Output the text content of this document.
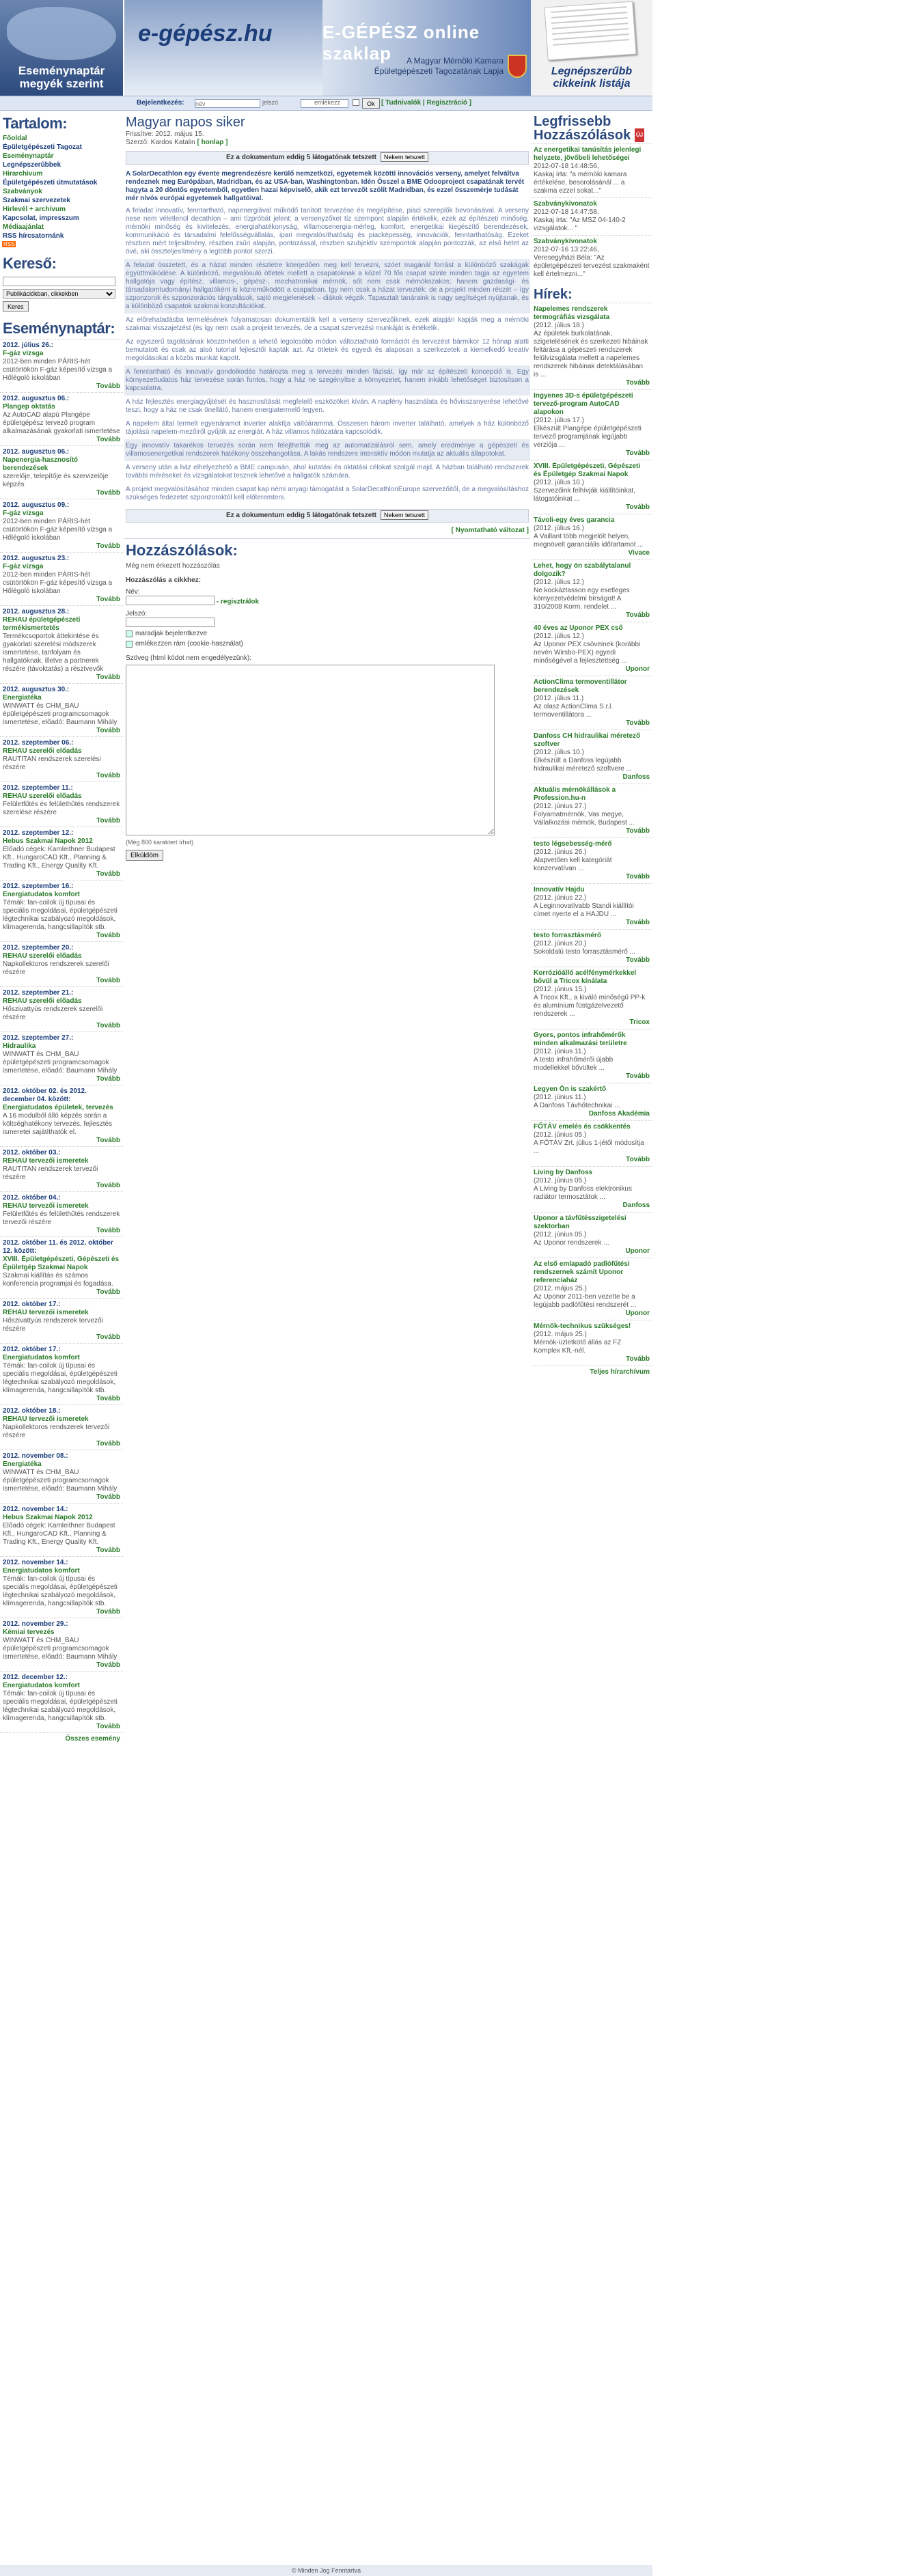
Eseménynaptár megyék szerint
e-gépész.hu	E-GÉPÉSZ online szaklap	A Magyar Mérnöki Kamara
Épületgépészeti Tagozatának Lapja	Legnépszerűbb cikkeink listája
Bejelentkezés:
név	jelszó	emlékezz	Ok [ Tudnivalók | Regisztráció ]
Tartalom:
Főoldal
Épületgépészeti Tagozat
Eseménynaptár
Legnépszerűbbek
Hirarchivum
Épületgépészeti útmutatások
Szabványok
Szakmai szervezetek
Hirlevél + archívum
Kapcsolat, impresszum
Médiaajánlat
RSS hírcsatornánk
RSS
Kereső:
Publikációkban, cikkekben Keres
Eseménynaptár:
2012. július 26.:
F-gáz vizsga
2012-ben minden PÁRIS-hét csütörtökön F-gáz képesítő vizsga a Hőlégoló iskolában
Tovább
2012. augusztus 06.:
Plangep oktatás
Az AutoCAD alapú Plangépe épületgépész tervező program alkalmazásának gyakorlati ismertetése
Tovább
2012. augusztus 06.:
Napenergia-hasznosító berendezések
szerelője, telepítője és szervizelője képzés
Tovább
2012. augusztus 09.:
F-gáz vizsga
2012-ben minden PÁRIS-hét csütörtökön F-gáz képesítő vizsga a Hőlégoló iskolában
Tovább
2012. augusztus 23.:
F-gáz vizsga
2012-ben minden PÁRIS-hét csütörtökön F-gáz képesítő vizsga a Hőlégoló iskolában
Tovább
2012. augusztus 28.:
REHAU épületgépészeti termékismertetés
Termékcsoportok áttekintése és gyakorlati szerelési módszerek ismertetése, tanfolyam és hallgatóknak, illetve a partnerek részére (távoktatás) a résztvevők
Tovább
2012. augusztus 30.:
Energiatéka
WINWATT és CHM_BAU épületgépészeti programcsomagok ismertetése, előadó: Baumann Mihály
Tovább
2012. szeptember 06.:
REHAU szerelői előadás
RAUTITAN rendszerek szerelési részére
Tovább
2012. szeptember 11.:
REHAU szerelői előadás
Felületfűtés és felülethűtés rendszerek szerelése részére
Tovább
2012. szeptember 12.:
Hebus Szakmai Napok 2012
Előadó cégek: Kamleithner Budapest Kft., HungaroCAD Kft., Planning & Trading Kft., Energy Quality Kft.
Tovább
2012. szeptember 16.:
Energiatudatos komfort
Témák: fan-coilok új típusai és speciális megoldásai, épületgépészeti légtechnikai szabályozó megoldások, klímagerenda, hangcsillapítók stb.
Tovább
2012. szeptember 20.:
REHAU szerelői előadás
Napkollektoros rendszerek szerelői részére
Tovább
2012. szeptember 21.:
REHAU szerelői előadás
Hőszivattyús rendszerek szerelői részére
Tovább
2012. szeptember 27.:
Hidraulika
WINWATT és CHM_BAU épületgépészeti programcsomagok ismertetése, előadó: Baumann Mihály
Tovább
2012. október 02. és 2012. december 04. között:
Energiatudatos épületek, tervezés
A 16 modulból álló képzés során a költséghatékony tervezés, fejlesztés ismeretei sajátíthatók el.
Tovább
2012. október 03.:
REHAU tervezői ismeretek
RAUTITAN rendszerek tervezői részére
Tovább
2012. október 04.:
REHAU tervezői ismeretek
Felületfűtés és felülethűtés rendszerek tervezői részére
Tovább
2012. október 11. és 2012. október 12. között:
XVIII. Épületgépészeti, Gépészeti és Épületgép Szakmai Napok
Szakmai kiállítás és számos konferencia programjai és fogadása.
Tovább
2012. október 17.:
REHAU tervezői ismeretek
Hőszivattyús rendszerek tervezői részére
Tovább
2012. október 17.:
Energiatudatos komfort
Témák: fan-coilok új típusai és speciális megoldásai, épületgépészeti légtechnikai szabályozó megoldások, klímagerenda, hangcsillapítók stb.
Tovább
2012. október 18.:
REHAU tervezői ismeretek
Napkollektoros rendszerek tervezői részére
Tovább
2012. november 08.:
Energiatéka
WINWATT és CHM_BAU épületgépészeti programcsomagok ismertetése, előadó: Baumann Mihály
Tovább
2012. november 14.:
Hebus Szakmai Napok 2012
Előadó cégek: Kamleithner Budapest Kft., HungaroCAD Kft., Planning & Trading Kft., Energy Quality Kft.
Tovább
2012. november 14.:
Energiatudatos komfort
Témák: fan-coilok új típusai és speciális megoldásai, épületgépészeti légtechnikai szabályozó megoldások, klímagerenda, hangcsillapítók stb.
Tovább
2012. november 29.:
Kémiai tervezés
WINWATT és CHM_BAU épületgépészeti programcsomagok ismertetése, előadó: Baumann Mihály
Tovább
2012. december 12.:
Energiatudatos komfort
Témák: fan-coilok új típusai és speciális megoldásai, épületgépészeti légtechnikai szabályozó megoldások, klímagerenda, hangcsillapítók stb.
Tovább
Összes esemény
Magyar napos siker
Frissítve: 2012. május 15.
Szerző: Kardos Katalin [ honlap ]
Ez a dokumentum eddig 5 látogatónak tetszett Nekem tetszett
A SolarDecathlon egy évente megrendezésre kerülő nemzetközi, egyetemek közötti innovációs verseny, amelyet felváltva rendeznek meg Európában, Madridban, és az USA-ban, Washingtonban. Idén Ősszel a BME Odooproject csapatának tervét hagyta a 20 döntős egyetemből, egyetlen hazai képviselő, akik ezt tervezőt szólít Madridban, és ezzel összemérje tudását mér nívós európai egyetemek hallgatóival.
A feladat innovatív, fenntartható, napenergiával működő tanított tervezése és megépítése, piaci szereplők bevonásával. A verseny nese nem véletlenül decathlon – ami tízpróbát jelent: a versenyzőket tíz szempont alapján értékelik, ezek az építészeti minőség, mérnöki minőség és kivitelezés, energiahatékonyság, villamosenergia-mérleg, komfort, energetikai kiegészítő berendezések, kommunikáció és társadalmi felelősségvállalás, ipari megvalósíthatóság és piacképesség, innovációk, fenntarthatóság. Ezeket részben mért teljesítmény, részben zsűri alapján, pontozással, részben szubjektív szempontok alapján pontozzák, az első hetet az övé, aki összteljesítmény a legtöbb pontot szerzi.
A feladat összetett, és a házat minden részletre kiterjedően meg kell tervezni, szóet magánál forrást a különböző szakágak együttműködése. A különböző, megvalósuló ötletek mellett a csapatoknak a közel 70 fős csapat szinte minden tagja az egyetem hallgatója vagy építész, villamos-, gépész-, mechatronikai mérnök, sőt nem csak mérnökszakos; hanem gazdasági- és társadalomtudományi hallgatóként is közreműködött a csapatban. Így nem csak a házat tervezték: de a projekt minden részét – így szponzorok és szponzorációs tárgyalások, sajtó megjelenések – diákok végzik. Tapasztalt tanáraink is nagy segítséget nyújtanak, és a különböző csapatok szakmai konzultációkat.
Az előrehaladásba termelésének folyamatosan dokumentáltk kell a verseny szervezőiknek, ezek alapján kapják meg a mérnöki szakmai visszajelzést (és így nem csak a projekt tervezés, de a csapat szervezési munkáját is értékelik.
Az egyszerű tagolásának köszönhetően a lehető legolcsóbb módon változtatható formációt és tervezést bármikor 12 hónap alatti bemutatott és csak az alsó tutorial fejlesztői kapták azt. Az ötletek és egyedi és alaposan a szerkezetek a kiemelkedő kreatív megoldásokat a közös munkát kapott.
A fenntartható és innovatív gondolkodás határozta meg a tervezés minden fázisát, így már az építészeti koncepció is. Egy környezettudatos ház tervezése során fontos, hogy a ház ne szegényítse a környezetet, hanem inkább lehetőséget biztosítson a kapcsolatra.
A ház fejlesztés energiagyűjtését és hasznosítását megfelelő eszközöket kíván. A napfény használata és hővisszanyerése lehetővé teszi, hogy a ház ne csak önellátó, hanem energiatermelő legyen.
A napelem által termelt egyenáramot inverter alakítja váltóárammá. Összesen három inverter található, amelyek a ház különböző tájolású napelem-mezőiről gyűjtik az energiát. A ház villamos hálózatára kapcsolódik.
Egy innovatív takarékos tervezés során nem felejthettük meg az automatizálásról sem, amely eredménye a gépészeti és villamosenergetikai rendszerek hatékony összehangolása. A lakás rendszere interaktív módon mutatja az aktuális állapotokat.
A verseny után a ház elhelyezhető a BME campusán, ahol kutatási és oktatási célokat szolgál majd. A házban található rendszerek további méréseket és vizsgálatokat tesznek lehetővé a hallgatók számára.
A projekt megvalósításához minden csapat kap némi anyagi támogatást a SolarDecathlonEurope szervezőitől, de a megvalósításhoz szükséges fedezetet szponzoroktól kell előteremteni.
Ez a dokumentum eddig 5 látogatónak tetszett Nekem tetszett
[ Nyomtatható változat ]
Hozzászólások:
Még nem érkezett hozzászólás
Hozzászólás a cikkhez:
Név:
- regisztrálok
Jelszó:
maradjak bejelentkezve
emlékezzen rám (cookie-használat)
Szöveg (html kódot nem engedélyezünk):
(Még 800 karaktert írhat)
Elküldöm
Legfrissebb Hozzászólások ÚJ
Az energetikai tanúsítás jelenlegi helyzete, jövőbeli lehetőségei
2012-07-18 14:48:56,
Kaskaj írta: "a mérnöki kamara értékelése, besorolásánál ... a szakma ezzel sokat..."
Szabványkivonatok
2012-07-18 14:47:58,
Kaskaj írta: "Az MSZ 04-140-2 vizsgálatok... "
Szabványkivonatok
2012-07-16 13:22:46,
Veresegyházi Béla: "Az épületgépészeti tervezést szakmaként kell értelmezni..."
Hírek:
Napelemes rendszerek termográfiás vizsgálata
(2012. július 18.)
Az épületek burkolatának, szigetelésének és szerkezeti hibáinak feltárása a gépészeti rendszerek felülvizsgálata mellett a napelemes rendszerek hibáinak detektálásában is ...
Tovább
Ingyenes 3D-s épületgépészeti tervező-program AutoCAD alapokon
(2012. július 17.)
Elkészült Plangépe épületgépészeti tervező programjának legújabb verziója ...
Tovább
XVIII. Épületgépészeti, Gépészeti és Épületgép Szakmai Napok
(2012. július 10.)
Szervezőink felhívják kiállítóinkat, látogatóinkat ...
Tovább
Távoli-egy éves garancia
(2012. július 16.)
A Vaillant több megjelölt helyen, megnövelt garanciális időtartamot ...
Vivace
Lehet, hogy ön szabálytalanul dolgozik?
(2012. július 12.)
Ne kockáztasson egy esetleges környezetvédelmi bírságot! A 310/2008 Korm. rendelet ...
Tovább
40 éves az Uponor PEX cső
(2012. július 12.)
Az Uponor PEX csöveinek (korábbi nevén Wirsbo-PEX) egyedi minőségével a fejlesztettség ...
Uponor
ActionClima termoventillátor berendezések
(2012. július 11.)
Az olasz ActionClima S.r.l. termoventillátora ...
Tovább
Danfoss CH hidraulikai méretező szoftver
(2012. július 10.)
Elkészült a Danfoss legújabb hidraulikai méretező szoftvere ...
Danfoss
Aktuális mérnökállások a Profession.hu-n
(2012. június 27.)
Folyamatmérnök, Vas megye, Vállalkozási mérnök, Budapest ...
Tovább
testo légsebesség-mérő
(2012. június 26.)
Alapvetően kell kategóriát konzervatívan ...
Tovább
Innovatív Hajdu
(2012. június 22.)
A Leginnovatívabb Standi kiállítói címet nyerte el a HAJDU ...
Tovább
testo forrasztásmérő
(2012. június 20.)
Sokoldalú testo forrasztásmérő ...
Tovább
Korrózióálló acélfénymérkekkel bővül a Tricox kínálata
(2012. június 15.)
A Tricox Kft., a kiváló minőségű PP-k és alumínium füstgázelvezető rendszerek ...
Tricox
Gyors, pontos infrahőmérők minden alkalmazási területre
(2012. június 11.)
A testo infrahőmérői újabb modellekkel bővültek ...
Tovább
Legyen Ön is szakértő
(2012. június 11.)
A Danfoss Távhőtechnikai ...
Danfoss Akadémia
FŐTÁV emelés és csökkentés
(2012. június 05.)
A FŐTÁV Zrt. július 1-jétől módosítja ...
Tovább
Living by Danfoss
(2012. június 05.)
A Living by Danfoss elektronikus radiátor termosztátok ...
Danfoss
Uponor a távfűtésszigetelési szektorban
(2012. június 05.)
Az Uponor rendszerek ...
Uponor
Az első emlapadó padlófűtési rendszernek számít Uponor referenciaház
(2012. május 25.)
Az Uponor 2011-ben vezette be a legújabb padlófűtési rendszerét ...
Uponor
Mérnök-technikus szükséges!
(2012. május 25.)
Mérnök-üzletkötő állás az FZ Komplex Kft.-nél.
Tovább
Teljes hírarchívum
© Minden Jog Fenntartva
